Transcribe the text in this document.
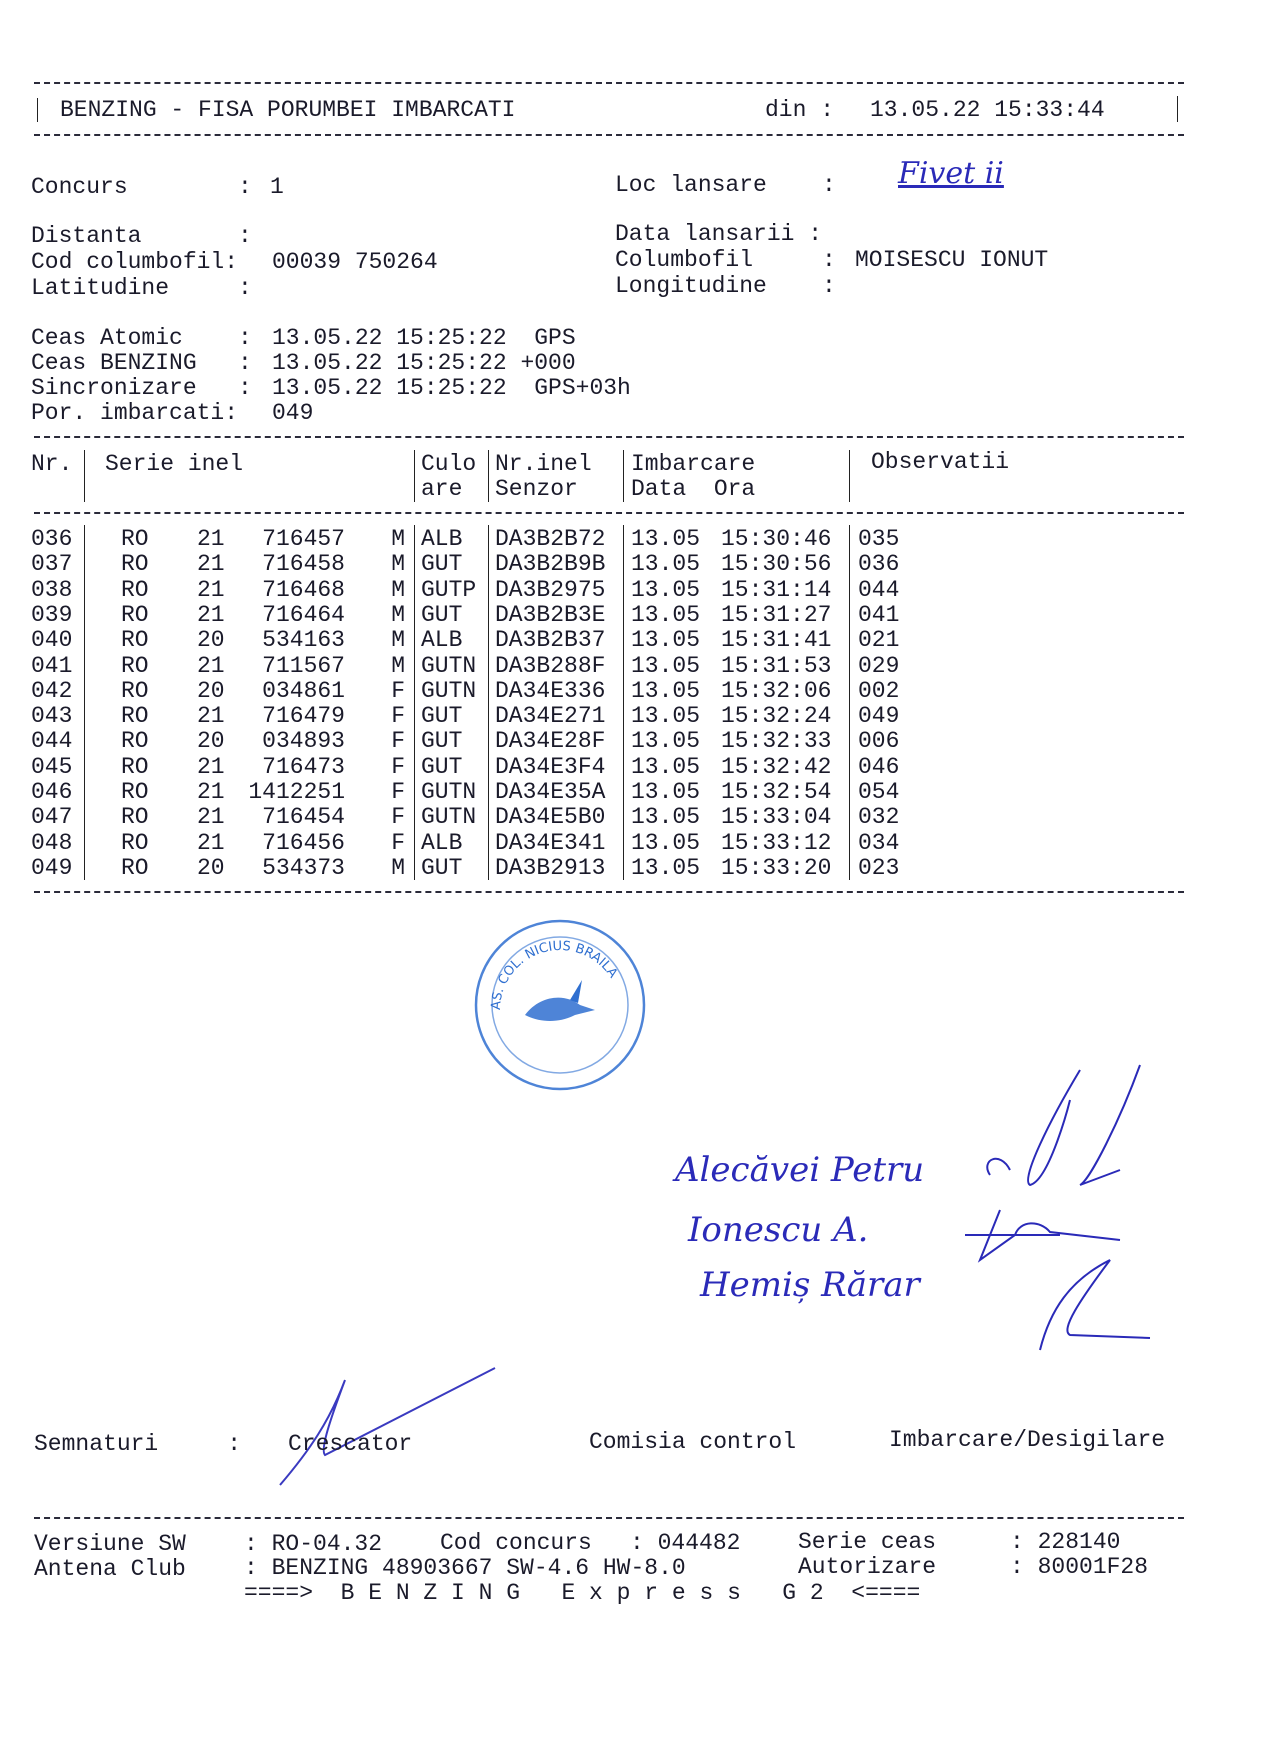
BENZING - FISA PORUMBEI IMBARCATI	din : 13.05.22 15:33:44
Concurs        : 1	Loc lansare    : Fivet ii
Distanta       :	Data lansarii :
Cod columbofil: 00039 750264	Columbofil     : MOISESCU IONUT
Latitudine     :	Longitudine    :
Ceas Atomic    : 13.05.22 15:25:22  GPS
Ceas BENZING   : 13.05.22 15:25:22 +000
Sincronizare   : 13.05.22 15:25:22  GPS+03h
Por. imbarcati: 049
Nr. Serie inel	Culo
are
Nr.inel
Senzor
Imbarcare
Data  Ora
Observatii
036 RO 21 716457 M ALB DA3B2B72 13.05 15:30:46 035
037 RO 21 716458 M GUT DA3B2B9B 13.05 15:30:56 036
038 RO 21 716468 M GUTP DA3B2975 13.05 15:31:14 044
039 RO 21 716464 M GUT DA3B2B3E 13.05 15:31:27 041
040 RO 20 534163 M ALB DA3B2B37 13.05 15:31:41 021
041 RO 21 711567 M GUTN DA3B288F 13.05 15:31:53 029
042 RO 20 034861 F GUTN DA34E336 13.05 15:32:06 002
043 RO 21 716479 F GUT DA34E271 13.05 15:32:24 049
044 RO 20 034893 F GUT DA34E28F 13.05 15:32:33 006
045 RO 21 716473 F GUT DA34E3F4 13.05 15:32:42 046
046 RO 21 1412251 F GUTN DA34E35A 13.05 15:32:54 054
047 RO 21 716454 F GUTN DA34E5B0 13.05 15:33:04 032
048 RO 21 716456 F ALB DA34E341 13.05 15:33:12 034
049 RO 20 534373 M GUT DA3B2913 13.05 15:33:20 023
AS. COL. NICIUS BRAILA
Alecăvei Petru
Ionescu A.
Hemiș Rărar
Semnaturi     : Crescator	Comisia control	Imbarcare/Desigilare
Versiune SW	: RO-04.32	Cod concurs : 044482	Serie ceas	: 228140
Antena Club	: BENZING 48903667 SW-4.6 HW-8.0	Autorizare	: 80001F28
====>  B E N Z I N G   E x p r e s s   G 2  <====
